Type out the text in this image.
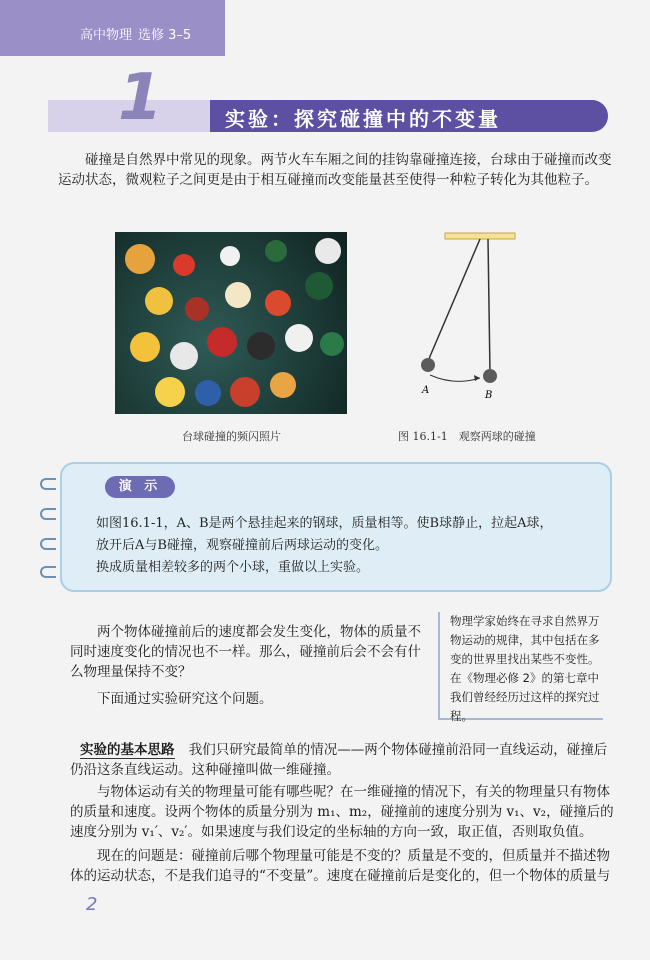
高中物理 选修 3–5
1	实验：探究碰撞中的不变量
碰撞是自然界中常见的现象。两节火车车厢之间的挂钩靠碰撞连接，台球由于碰撞而改变运动状态，微观粒子之间更是由于相互碰撞而改变能量甚至使得一种粒子转化为其他粒子。
台球碰撞的频闪照片
A	B
图 16.1-1　观察两球的碰撞
演 示
如图16.1-1，A、B是两个悬挂起来的钢球，质量相等。使B球静止，拉起A球，
放开后A与B碰撞，观察碰撞前后两球运动的变化。
换成质量相差较多的两个小球，重做以上实验。
物理学家始终在寻求自然界万物运动的规律，其中包括在多变的世界里找出某些不变性。在《物理必修 2》的第七章中我们曾经经历过这样的探究过程。
两个物体碰撞前后的速度都会发生变化，物体的质量不同时速度变化的情况也不一样。那么，碰撞前后会不会有什么物理量保持不变？
下面通过实验研究这个问题。
实验的基本思路 我们只研究最简单的情况——两个物体碰撞前沿同一直线运动，碰撞后仍沿这条直线运动。这种碰撞叫做一维碰撞。
与物体运动有关的物理量可能有哪些呢？在一维碰撞的情况下，有关的物理量只有物体的质量和速度。设两个物体的质量分别为 m₁、m₂，碰撞前的速度分别为 v₁、v₂，碰撞后的速度分别为 v₁′、v₂′。如果速度与我们设定的坐标轴的方向一致，取正值，否则取负值。
现在的问题是：碰撞前后哪个物理量可能是不变的？质量是不变的，但质量并不描述物体的运动状态，不是我们追寻的“不变量”。速度在碰撞前后是变化的，但一个物体的质量与
2
